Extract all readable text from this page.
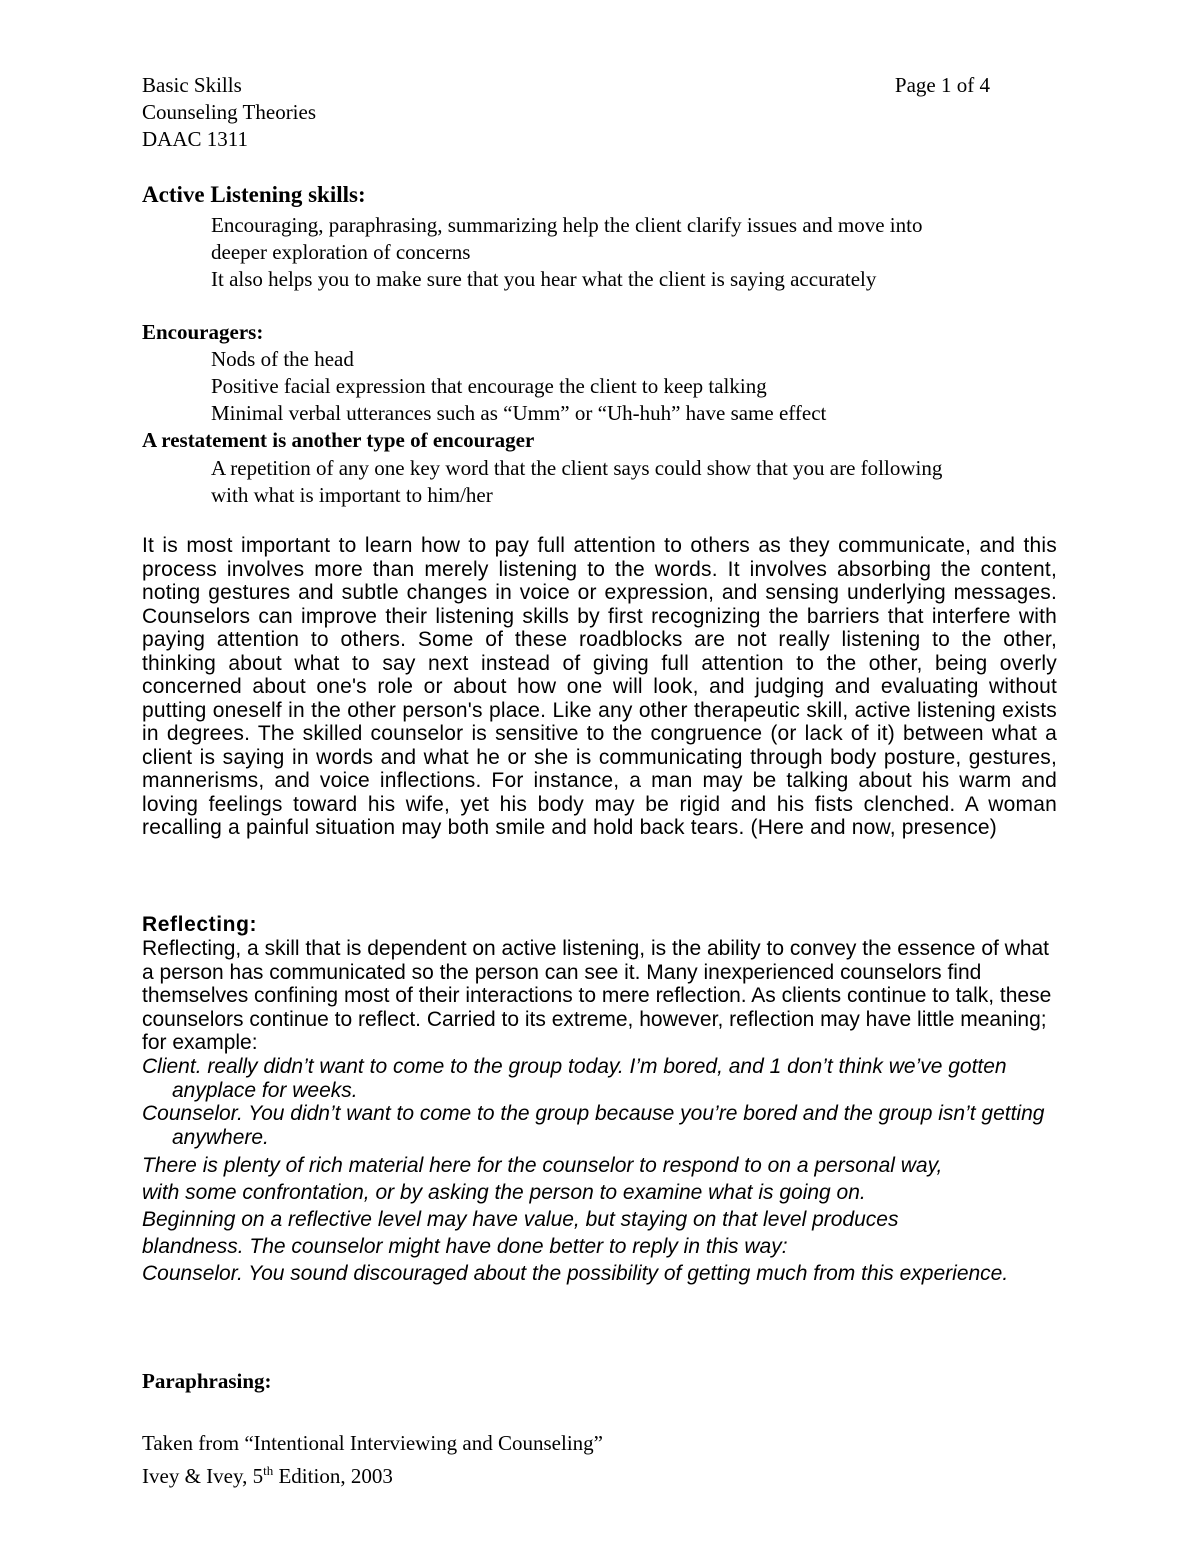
Basic Skills	Page 1 of 4
Counseling Theories
DAAC 1311
Active Listening skills:
Encouraging, paraphrasing, summarizing help the client clarify issues and move into
deeper exploration of concerns
It also helps you to make sure that you hear what the client is saying accurately
Encouragers:
Nods of the head
Positive facial expression that encourage the client to keep talking
Minimal verbal utterances such as “Umm” or “Uh-huh” have same effect
A restatement is another type of encourager
A repetition of any one key word that the client says could show that you are following
with what is important to him/her
It is most important to learn how to pay full attention to others as they communicate, and this process involves more than merely listening to the words. It involves absorbing the content, noting gestures and subtle changes in voice or expression, and sensing underlying messages. Counselors can improve their listening skills by first recognizing the barriers that interfere with paying attention to others. Some of these roadblocks are not really listening to the other, thinking about what to say next instead of giving full attention to the other, being overly concerned about one's role or about how one will look, and judging and evaluating without putting oneself in the other person's place. Like any other therapeutic skill, active listening exists in degrees. The skilled counselor is sensitive to the congruence (or lack of it) between what a client is saying in words and what he or she is communicating through body posture, gestures, mannerisms, and voice inflections. For instance, a man may be talking about his warm and loving feelings toward his wife, yet his body may be rigid and his fists clenched. A woman recalling a painful situation may both smile and hold back tears. (Here and now, presence)
Reflecting:
Reflecting, a skill that is dependent on active listening, is the ability to convey the essence of what a person has communicated so the person can see it. Many inexperienced counselors find themselves confining most of their interactions to mere reflection. As clients continue to talk, these counselors continue to reflect. Carried to its extreme, however, reflection may have little meaning; for example:
Client. really didn’t want to come to the group today. I’m bored, and 1 don’t think we’ve gotten anyplace for weeks.
Counselor. You didn’t want to come to the group because you’re bored and the group isn’t getting anywhere.
There is plenty of rich material here for the counselor to respond to on a personal way,
with some confrontation, or by asking the person to examine what is going on.
Beginning on a reflective level may have value, but staying on that level produces
blandness. The counselor might have done better to reply in this way:
Counselor. You sound discouraged about the possibility of getting much from this experience.
Paraphrasing:
Taken from “Intentional Interviewing and Counseling”
Ivey & Ivey, 5th Edition, 2003
